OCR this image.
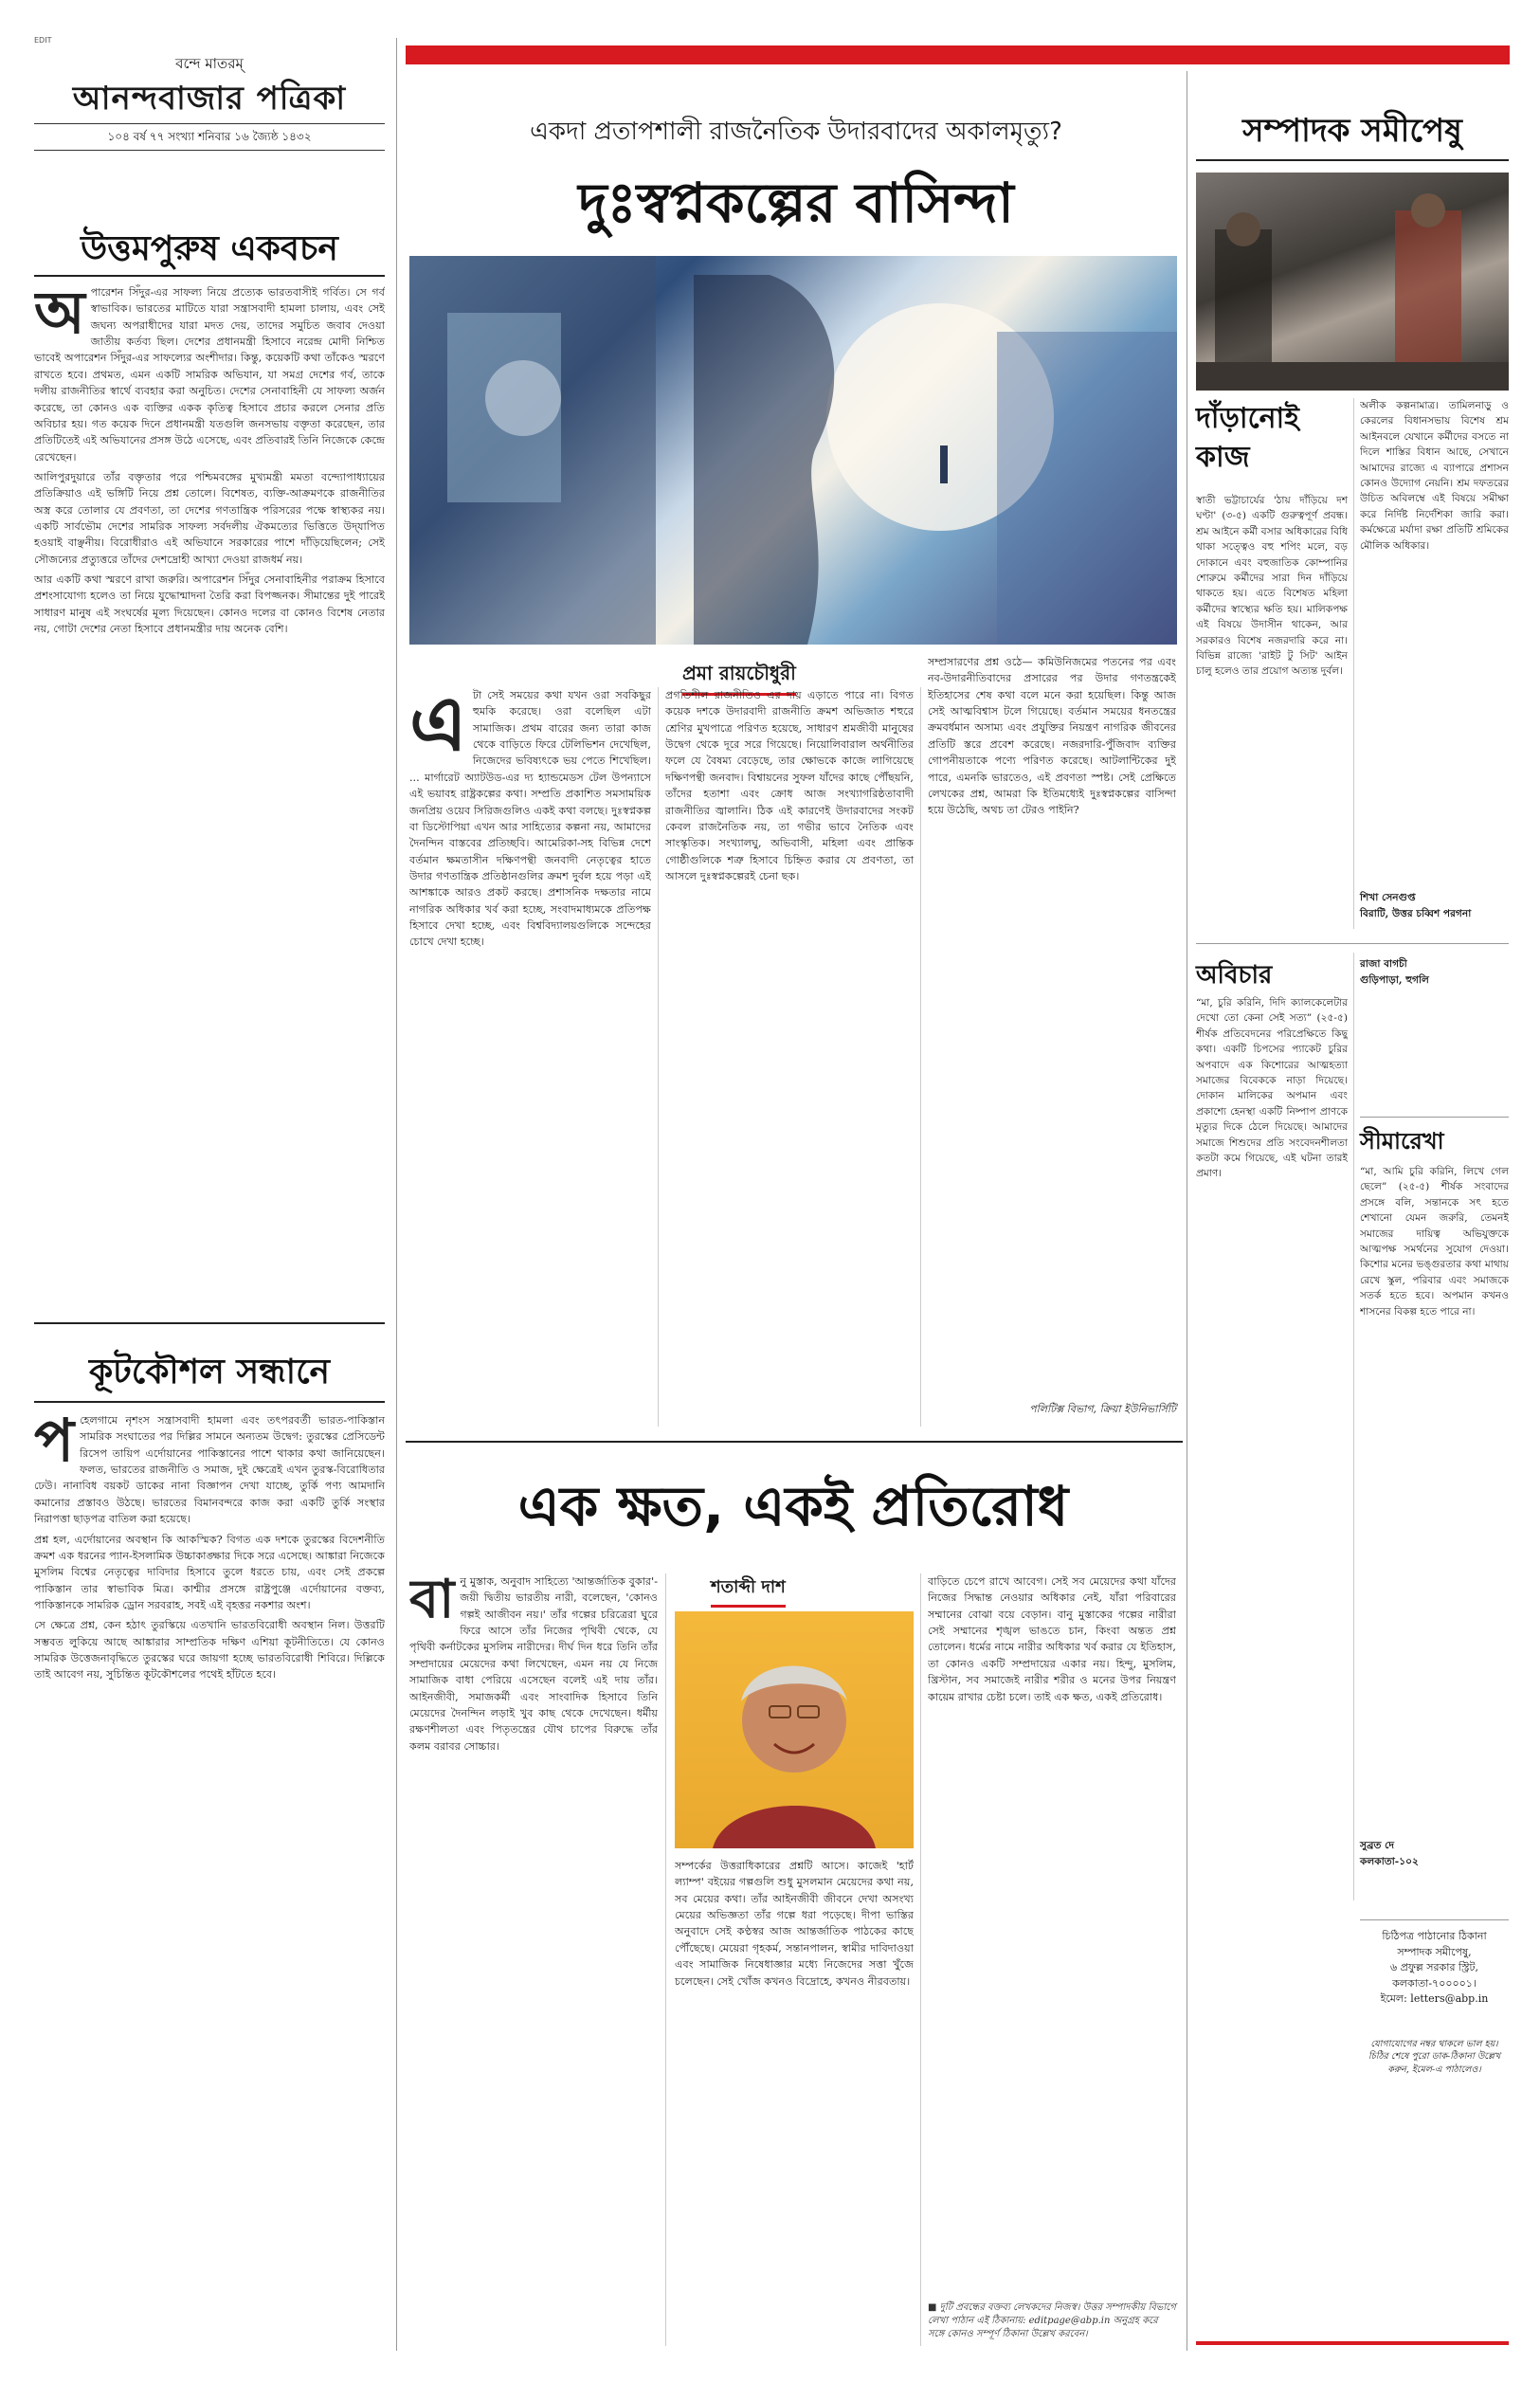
EDIT
বন্দে মাতরম্
আনন্দবাজার পত্রিকা
১০৪ বর্ষ ৭৭ সংখ্যা শনিবার ১৬ জ্যৈষ্ঠ ১৪৩২
উত্তমপুরুষ একবচন
অ পারেশন সিঁদুর-এর সাফল্য নিয়ে প্রত্যেক ভারতবাসীই গর্বিত। সে গর্ব স্বাভাবিক। ভারতের মাটিতে যারা সন্ত্রাসবাদী হামলা চালায়, এবং সেই জঘন্য অপরাধীদের যারা মদত দেয়, তাদের সমুচিত জবাব দেওয়া জাতীয় কর্তব্য ছিল। দেশের প্রধানমন্ত্রী হিসাবে নরেন্দ্র মোদী নিশ্চিত ভাবেই অপারেশন সিঁদুর-এর সাফল্যের অংশীদার। কিন্তু, কয়েকটি কথা তাঁকেও স্মরণে রাখতে হবে। প্রথমত, এমন একটি সামরিক অভিযান, যা সমগ্র দেশের গর্ব, তাকে দলীয় রাজনীতির স্বার্থে ব্যবহার করা অনুচিত। দেশের সেনাবাহিনী যে সাফল্য অর্জন করেছে, তা কোনও এক ব্যক্তির একক কৃতিত্ব হিসাবে প্রচার করলে সেনার প্রতি অবিচার হয়। গত কয়েক দিনে প্রধানমন্ত্রী যতগুলি জনসভায় বক্তৃতা করেছেন, তার প্রতিটিতেই এই অভিযানের প্রসঙ্গ উঠে এসেছে, এবং প্রতিবারই তিনি নিজেকে কেন্দ্রে রেখেছেন।

আলিপুরদুয়ারে তাঁর বক্তৃতার পরে পশ্চিমবঙ্গের মুখ্যমন্ত্রী মমতা বন্দ্যোপাধ্যায়ের প্রতিক্রিয়াও এই ভঙ্গিটি নিয়ে প্রশ্ন তোলে। বিশেষত, ব্যক্তি-আক্রমণকে রাজনীতির অস্ত্র করে তোলার যে প্রবণতা, তা দেশের গণতান্ত্রিক পরিসরের পক্ষে স্বাস্থ্যকর নয়। একটি সার্বভৌম দেশের সামরিক সাফল্য সর্বদলীয় ঐকমত্যের ভিত্তিতে উদ্‌যাপিত হওয়াই বাঞ্ছনীয়। বিরোধীরাও এই অভিযানে সরকারের পাশে দাঁড়িয়েছিলেন; সেই সৌজন্যের প্রত্যুত্তরে তাঁদের দেশদ্রোহী আখ্যা দেওয়া রাজধর্ম নয়।

আর একটি কথা স্মরণে রাখা জরুরি। অপারেশন সিঁদুর সেনাবাহিনীর পরাক্রম হিসাবে প্রশংসাযোগ্য হলেও তা নিয়ে যুদ্ধোন্মাদনা তৈরি করা বিপজ্জনক। সীমান্তের দুই পারেই সাধারণ মানুষ এই সংঘর্ষের মূল্য দিয়েছেন। কোনও দলের বা কোনও বিশেষ নেতার নয়, গোটা দেশের নেতা হিসাবে প্রধানমন্ত্রীর দায় অনেক বেশি।

কূটকৌশল সন্ধানে
প হেলগামে নৃশংস সন্ত্রাসবাদী হামলা এবং তৎপরবর্তী ভারত-পাকিস্তান সামরিক সংঘাতের পর দিল্লির সামনে অন্যতম উদ্বেগ: তুরস্কের প্রেসিডেন্ট রিসেপ তায়িপ এর্দোয়ানের পাকিস্তানের পাশে থাকার কথা জানিয়েছেন। ফলত, ভারতের রাজনীতি ও সমাজ, দুই ক্ষেত্রেই এখন তুরস্ক-বিরোধিতার ঢেউ। নানাবিধ বয়কট ডাকের নানা বিজ্ঞাপন দেখা যাচ্ছে, তুর্কি পণ্য আমদানি কমানোর প্রস্তাবও উঠছে। ভারতের বিমানবন্দরে কাজ করা একটি তুর্কি সংস্থার নিরাপত্তা ছাড়পত্র বাতিল করা হয়েছে।

প্রশ্ন হল, এর্দোয়ানের অবস্থান কি আকস্মিক? বিগত এক দশকে তুরস্কের বিদেশনীতি ক্রমশ এক ধরনের প্যান-ইসলামিক উচ্চাকাঙ্ক্ষার দিকে সরে এসেছে। আঙ্কারা নিজেকে মুসলিম বিশ্বের নেতৃত্বের দাবিদার হিসাবে তুলে ধরতে চায়, এবং সেই প্রকল্পে পাকিস্তান তার স্বাভাবিক মিত্র। কাশ্মীর প্রসঙ্গে রাষ্ট্রপুঞ্জে এর্দোয়ানের বক্তব্য, পাকিস্তানকে সামরিক ড্রোন সরবরাহ, সবই এই বৃহত্তর নকশার অংশ।

সে ক্ষেত্রে প্রশ্ন, কেন হঠাৎ তুরস্কিয়ে এতখানি ভারতবিরোধী অবস্থান নিল। উত্তরটি সম্ভবত লুকিয়ে আছে আঙ্কারার সাম্প্রতিক দক্ষিণ এশিয়া কূটনীতিতে। যে কোনও সামরিক উত্তেজনাবৃদ্ধিতে তুরস্কের ঘরে জায়গা হচ্ছে ভারতবিরোধী শিবিরে। দিল্লিকে তাই আবেগ নয়, সুচিন্তিত কূটকৌশলের পথেই হাঁটতে হবে।

একদা প্রতাপশালী রাজনৈতিক উদারবাদের অকালমৃত্যু?
দুঃস্বপ্নকল্পের বাসিন্দা
প্রমা রায়চৌধুরী
এ টা সেই সময়ের কথা যখন ওরা সবকিছুর হুমকি করেছে। ওরা বলেছিল এটা সামাজিক। প্রথম বারের জন্য তারা কাজ থেকে বাড়িতে ফিরে টেলিভিশন দেখেছিল, নিজেদের ভবিষ্যৎকে ভয় পেতে শিখেছিল। ... মার্গারেট অ্যাটউড-এর দ্য হ্যান্ডমেডস টেল উপন্যাসে এই ভয়াবহ রাষ্ট্রকল্পের কথা। সম্প্রতি প্রকাশিত সমসাময়িক জনপ্রিয় ওয়েব সিরিজগুলিও একই কথা বলছে। দুঃস্বপ্নকল্প বা ডিস্টোপিয়া এখন আর সাহিত্যের কল্পনা নয়, আমাদের দৈনন্দিন বাস্তবের প্রতিচ্ছবি। আমেরিকা-সহ বিভিন্ন দেশে বর্তমান ক্ষমতাসীন দক্ষিণপন্থী জনবাদী নেতৃত্বের হাতে উদার গণতান্ত্রিক প্রতিষ্ঠানগুলির ক্রমশ দুর্বল হয়ে পড়া এই আশঙ্কাকে আরও প্রকট করছে। প্রশাসনিক দক্ষতার নামে নাগরিক অধিকার খর্ব করা হচ্ছে, সংবাদমাধ্যমকে প্রতিপক্ষ হিসাবে দেখা হচ্ছে, এবং বিশ্ববিদ্যালয়গুলিকে সন্দেহের চোখে দেখা হচ্ছে।
প্রগতিশীল রাজনীতিও এর দায় এড়াতে পারে না। বিগত কয়েক দশকে উদারবাদী রাজনীতি ক্রমশ অভিজাত শহুরে শ্রেণির মুখপাত্রে পরিণত হয়েছে, সাধারণ শ্রমজীবী মানুষের উদ্বেগ থেকে দূরে সরে গিয়েছে। নিয়োলিবারাল অর্থনীতির ফলে যে বৈষম্য বেড়েছে, তার ক্ষোভকে কাজে লাগিয়েছে দক্ষিণপন্থী জনবাদ। বিশ্বায়নের সুফল যাঁদের কাছে পৌঁছয়নি, তাঁদের হতাশা এবং ক্রোধ আজ সংখ্যাগরিষ্ঠতাবাদী রাজনীতির জ্বালানি। ঠিক এই কারণেই উদারবাদের সংকট কেবল রাজনৈতিক নয়, তা গভীর ভাবে নৈতিক এবং সাংস্কৃতিক। সংখ্যালঘু, অভিবাসী, মহিলা এবং প্রান্তিক গোষ্ঠীগুলিকে শত্রু হিসাবে চিহ্নিত করার যে প্রবণতা, তা আসলে দুঃস্বপ্নকল্পেরই চেনা ছক।
সম্প্রসারণের প্রশ্ন ওঠে— কমিউনিজমের পতনের পর এবং নব-উদারনীতিবাদের প্রসারের পর উদার গণতন্ত্রকেই ইতিহাসের শেষ কথা বলে মনে করা হয়েছিল। কিন্তু আজ সেই আত্মবিশ্বাস টলে গিয়েছে। বর্তমান সময়ের ধনতন্ত্রের ক্রমবর্ধমান অসাম্য এবং প্রযুক্তির নিয়ন্ত্রণ নাগরিক জীবনের প্রতিটি স্তরে প্রবেশ করেছে। নজরদারি-পুঁজিবাদ ব্যক্তির গোপনীয়তাকে পণ্যে পরিণত করেছে। আটলান্টিকের দুই পারে, এমনকি ভারতেও, এই প্রবণতা স্পষ্ট। সেই প্রেক্ষিতে লেখকের প্রশ্ন, আমরা কি ইতিমধ্যেই দুঃস্বপ্নকল্পের বাসিন্দা হয়ে উঠেছি, অথচ তা টেরও পাইনি?
পলিটিক্স বিভাগ, ক্রিয়া ইউনিভার্সিটি
এক ক্ষত, একই প্রতিরোধ
বা নু মুস্তাক, অনুবাদ সাহিত্যে 'আন্তর্জাতিক বুকার'-জয়ী দ্বিতীয় ভারতীয় নারী, বলেছেন, 'কোনও গল্পই আজীবন নয়।' তাঁর গল্পের চরিত্রেরা ঘুরে ফিরে আসে তাঁর নিজের পৃথিবী থেকে, যে পৃথিবী কর্নাটকের মুসলিম নারীদের। দীর্ঘ দিন ধরে তিনি তাঁর সম্প্রদায়ের মেয়েদের কথা লিখেছেন, এমন নয় যে নিজে সামাজিক বাধা পেরিয়ে এসেছেন বলেই এই দায় তাঁর। আইনজীবী, সমাজকর্মী এবং সাংবাদিক হিসাবে তিনি মেয়েদের দৈনন্দিন লড়াই খুব কাছ থেকে দেখেছেন। ধর্মীয় রক্ষণশীলতা এবং পিতৃতন্ত্রের যৌথ চাপের বিরুদ্ধে তাঁর কলম বরাবর সোচ্চার।
শতাব্দী দাশ
সম্পর্কের উত্তরাধিকারের প্রশ্নটি আসে। কাজেই 'হার্ট ল্যাম্প' বইয়ের গল্পগুলি শুধু মুসলমান মেয়েদের কথা নয়, সব মেয়ের কথা। তাঁর আইনজীবী জীবনে দেখা অসংখ্য মেয়ের অভিজ্ঞতা তাঁর গল্পে ধরা পড়েছে। দীপা ভাস্তির অনুবাদে সেই কণ্ঠস্বর আজ আন্তর্জাতিক পাঠকের কাছে পৌঁছেছে। মেয়েরা গৃহকর্ম, সন্তানপালন, স্বামীর দাবিদাওয়া এবং সামাজিক নিষেধাজ্ঞার মধ্যে নিজেদের সত্তা খুঁজে চলেছেন। সেই খোঁজ কখনও বিদ্রোহে, কখনও নীরবতায়।
বাড়িতে চেপে রাখে আবেগ। সেই সব মেয়েদের কথা যাঁদের নিজের সিদ্ধান্ত নেওয়ার অধিকার নেই, যাঁরা পরিবারের সম্মানের বোঝা বয়ে বেড়ান। বানু মুস্তাকের গল্পের নারীরা সেই সম্মানের শৃঙ্খল ভাঙতে চান, কিংবা অন্তত প্রশ্ন তোলেন। ধর্মের নামে নারীর অধিকার খর্ব করার যে ইতিহাস, তা কোনও একটি সম্প্রদায়ের একার নয়। হিন্দু, মুসলিম, খ্রিস্টান, সব সমাজেই নারীর শরীর ও মনের উপর নিয়ন্ত্রণ কায়েম রাখার চেষ্টা চলে। তাই এক ক্ষত, একই প্রতিরোধ।
■ দুটি প্রবন্ধের বক্তব্য লেখকদের নিজস্ব। উত্তর সম্পাদকীয় বিভাগে লেখা পাঠান এই ঠিকানায়: editpage@abp.in অনুগ্রহ করে সঙ্গে কোনও সম্পূর্ণ ঠিকানা উল্লেখ করবেন।
সম্পাদক সমীপেষু
দাঁড়ানোই কাজ
স্বাতী ভট্টাচার্যের 'ঠায় দাঁড়িয়ে দশ ঘণ্টা' (৩-৫) একটি গুরুত্বপূর্ণ প্রবন্ধ। শ্রম আইনে কর্মী বসার অধিকারের বিধি থাকা সত্ত্বেও বহু শপিং মলে, বড় দোকানে এবং বহুজাতিক কোম্পানির শোরুমে কর্মীদের সারা দিন দাঁড়িয়ে থাকতে হয়। এতে বিশেষত মহিলা কর্মীদের স্বাস্থ্যের ক্ষতি হয়। মালিকপক্ষ এই বিষয়ে উদাসীন থাকেন, আর সরকারও বিশেষ নজরদারি করে না। বিভিন্ন রাজ্যে 'রাইট টু সিট' আইন চালু হলেও তার প্রয়োগ অত্যন্ত দুর্বল।
অলীক কল্পনামাত্র। তামিলনাড়ু ও কেরলের বিধানসভায় বিশেষ শ্রম আইনবলে যেখানে কর্মীদের বসতে না দিলে শাস্তির বিধান আছে, সেখানে আমাদের রাজ্যে এ ব্যাপারে প্রশাসন কোনও উদ্যোগ নেয়নি। শ্রম দফতরের উচিত অবিলম্বে এই বিষয়ে সমীক্ষা করে নির্দিষ্ট নির্দেশিকা জারি করা। কর্মক্ষেত্রে মর্যাদা রক্ষা প্রতিটি শ্রমিকের মৌলিক অধিকার।
শিখা সেনগুপ্ত
বিরাটি, উত্তর চব্বিশ পরগনা
অবিচার
“মা, চুরি করিনি, দিদি ক্যালকেলেটার দেখো তো কেনা সেই সত্য” (২৫-৫) শীর্ষক প্রতিবেদনের পরিপ্রেক্ষিতে কিছু কথা। একটি চিপসের প্যাকেট চুরির অপবাদে এক কিশোরের আত্মহত্যা সমাজের বিবেককে নাড়া দিয়েছে। দোকান মালিকের অপমান এবং প্রকাশ্যে হেনস্থা একটি নিষ্পাপ প্রাণকে মৃত্যুর দিকে ঠেলে দিয়েছে। আমাদের সমাজে শিশুদের প্রতি সংবেদনশীলতা কতটা কমে গিয়েছে, এই ঘটনা তারই প্রমাণ।
রাজা বাগচী
গুড়িপাড়া, হুগলি
সীমারেখা
“মা, আমি চুরি করিনি, লিখে গেল ছেলে” (২৫-৫) শীর্ষক সংবাদের প্রসঙ্গে বলি, সন্তানকে সৎ হতে শেখানো যেমন জরুরি, তেমনই সমাজের দায়িত্ব অভিযুক্তকে আত্মপক্ষ সমর্থনের সুযোগ দেওয়া। কিশোর মনের ভঙ্গুরতার কথা মাথায় রেখে স্কুল, পরিবার এবং সমাজকে সতর্ক হতে হবে। অপমান কখনও শাসনের বিকল্প হতে পারে না।
সুব্রত দে
কলকাতা-১০২
চিঠিপত্র পাঠানোর ঠিকানা
সম্পাদক সমীপেষু,
৬ প্রফুল্ল সরকার স্ট্রিট,
কলকাতা-৭০০০০১।
ইমেল: letters@abp.in
যোগাযোগের নম্বর থাকলে ভাল হয়। চিঠির শেষে পুরো ডাক-ঠিকানা উল্লেখ করুন, ইমেল-এ পাঠালেও।
